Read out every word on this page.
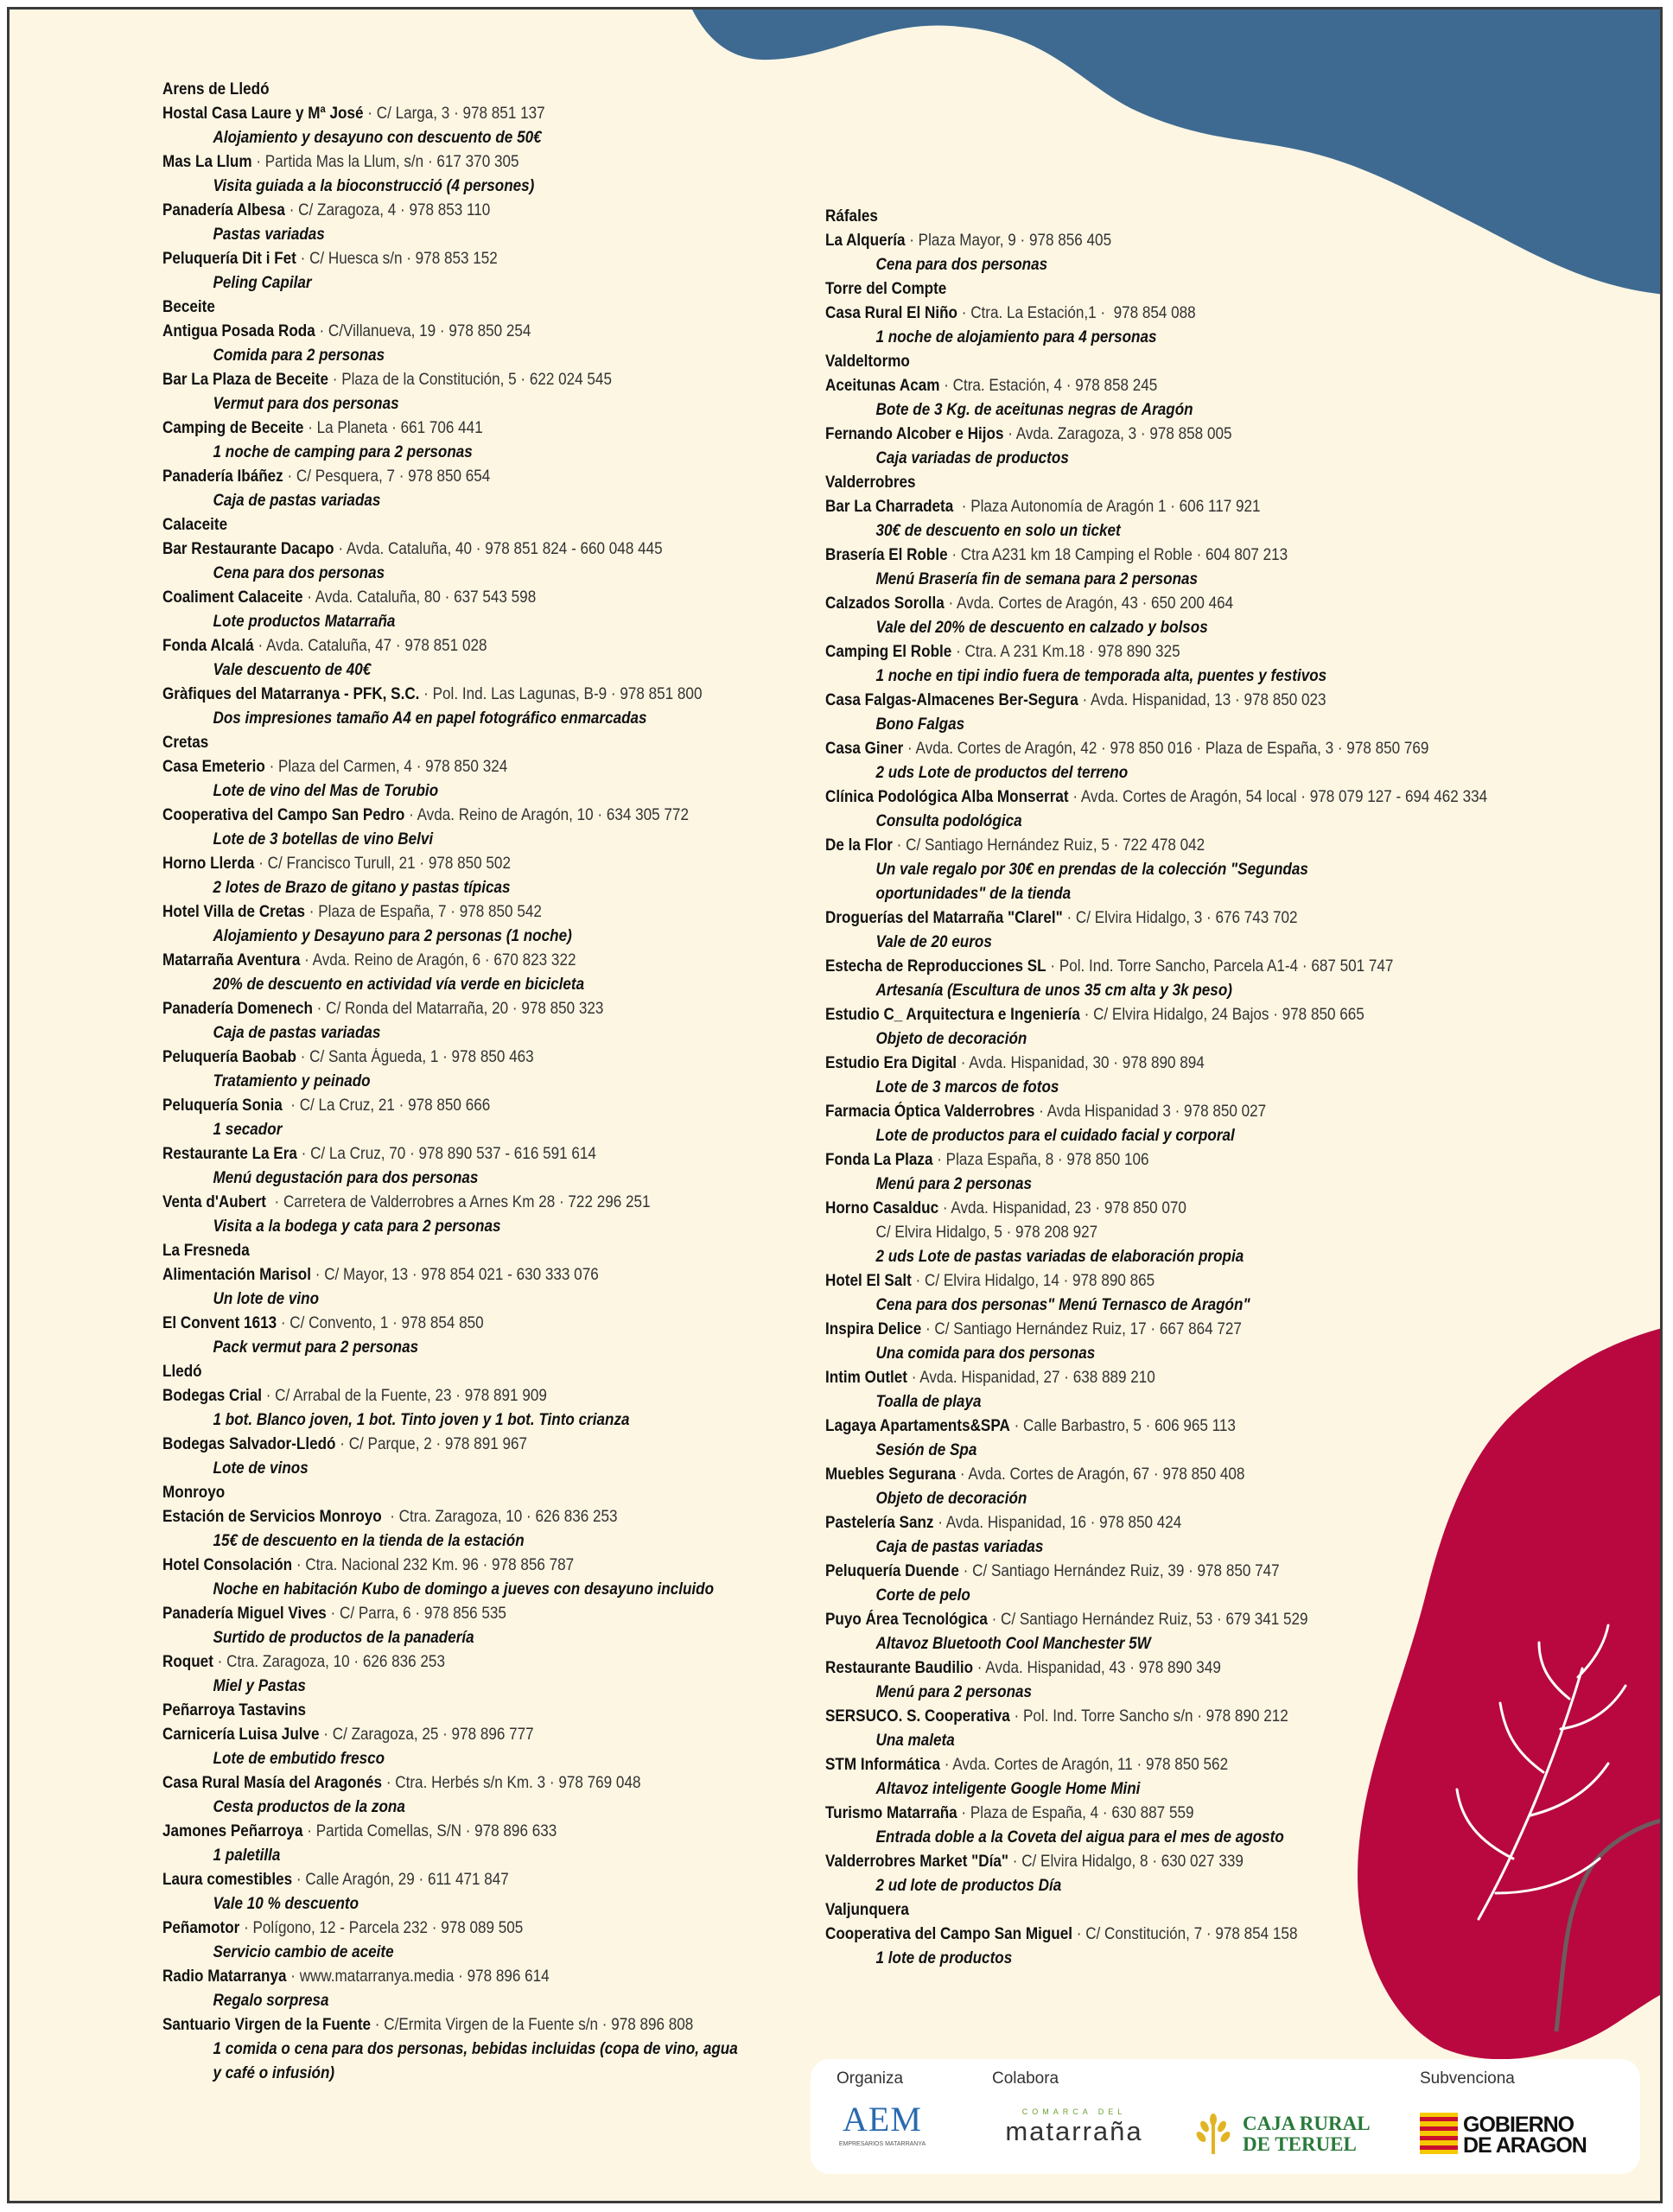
Arens de Lledó
Hostal Casa Laure y Mª José · C/ Larga, 3 · 978 851 137
Alojamiento y desayuno con descuento de 50€
Mas La Llum · Partida Mas la Llum, s/n · 617 370 305
Visita guiada a la bioconstrucció (4 persones)
Panadería Albesa · C/ Zaragoza, 4 · 978 853 110
Pastas variadas
Peluquería Dit i Fet · C/ Huesca s/n · 978 853 152
Peling Capilar
Beceite
Antigua Posada Roda · C/Villanueva, 19 · 978 850 254
Comida para 2 personas
Bar La Plaza de Beceite · Plaza de la Constitución, 5 · 622 024 545
Vermut para dos personas
Camping de Beceite · La Planeta · 661 706 441
1 noche de camping para 2 personas
Panadería Ibáñez · C/ Pesquera, 7 · 978 850 654
Caja de pastas variadas
Calaceite
Bar Restaurante Dacapo · Avda. Cataluña, 40 · 978 851 824 - 660 048 445
Cena para dos personas
Coaliment Calaceite · Avda. Cataluña, 80 · 637 543 598
Lote productos Matarraña
Fonda Alcalá · Avda. Cataluña, 47 · 978 851 028
Vale descuento de 40€
Gràfiques del Matarranya - PFK, S.C. · Pol. Ind. Las Lagunas, B-9 · 978 851 800
Dos impresiones tamaño A4 en papel fotográfico enmarcadas
Cretas
Casa Emeterio · Plaza del Carmen, 4 · 978 850 324
Lote de vino del Mas de Torubio
Cooperativa del Campo San Pedro · Avda. Reino de Aragón, 10 · 634 305 772
Lote de 3 botellas de vino Belvi
Horno Llerda · C/ Francisco Turull, 21 · 978 850 502
2 lotes de Brazo de gitano y pastas típicas
Hotel Villa de Cretas · Plaza de España, 7 · 978 850 542
Alojamiento y Desayuno para 2 personas (1 noche)
Matarraña Aventura · Avda. Reino de Aragón, 6 · 670 823 322
20% de descuento en actividad vía verde en bicicleta
Panadería Domenech · C/ Ronda del Matarraña, 20 · 978 850 323
Caja de pastas variadas
Peluquería Baobab · C/ Santa Águeda, 1 · 978 850 463
Tratamiento y peinado
Peluquería Sonia  · C/ La Cruz, 21 · 978 850 666
1 secador
Restaurante La Era · C/ La Cruz, 70 · 978 890 537 - 616 591 614
Menú degustación para dos personas
Venta d'Aubert  · Carretera de Valderrobres a Arnes Km 28 · 722 296 251
Visita a la bodega y cata para 2 personas
La Fresneda
Alimentación Marisol · C/ Mayor, 13 · 978 854 021 - 630 333 076
Un lote de vino
El Convent 1613 · C/ Convento, 1 · 978 854 850
Pack vermut para 2 personas
Lledó
Bodegas Crial · C/ Arrabal de la Fuente, 23 · 978 891 909
1 bot. Blanco joven, 1 bot. Tinto joven y 1 bot. Tinto crianza
Bodegas Salvador-Lledó · C/ Parque, 2 · 978 891 967
Lote de vinos
Monroyo
Estación de Servicios Monroyo  · Ctra. Zaragoza, 10 · 626 836 253
15€ de descuento en la tienda de la estación
Hotel Consolación · Ctra. Nacional 232 Km. 96 · 978 856 787
Noche en habitación Kubo de domingo a jueves con desayuno incluido
Panadería Miguel Vives · C/ Parra, 6 · 978 856 535
Surtido de productos de la panadería
Roquet · Ctra. Zaragoza, 10 · 626 836 253
Miel y Pastas
Peñarroya Tastavins
Carnicería Luisa Julve · C/ Zaragoza, 25 · 978 896 777
Lote de embutido fresco
Casa Rural Masía del Aragonés · Ctra. Herbés s/n Km. 3 · 978 769 048
Cesta productos de la zona
Jamones Peñarroya · Partida Comellas, S/N · 978 896 633
1 paletilla
Laura comestibles · Calle Aragón, 29 · 611 471 847
Vale 10 % descuento
Peñamotor · Polígono, 12 - Parcela 232 · 978 089 505
Servicio cambio de aceite
Radio Matarranya · www.matarranya.media · 978 896 614
Regalo sorpresa
Santuario Virgen de la Fuente · C/Ermita Virgen de la Fuente s/n · 978 896 808
1 comida o cena para dos personas, bebidas incluidas (copa de vino, agua y café o infusión)
Ráfales
La Alquería · Plaza Mayor, 9 · 978 856 405
Cena para dos personas
Torre del Compte
Casa Rural El Niño · Ctra. La Estación,1 ·  978 854 088
1 noche de alojamiento para 4 personas
Valdeltormo
Aceitunas Acam · Ctra. Estación, 4 · 978 858 245
Bote de 3 Kg. de aceitunas negras de Aragón
Fernando Alcober e Hijos · Avda. Zaragoza, 3 · 978 858 005
Caja variadas de productos
Valderrobres
Bar La Charradeta  · Plaza Autonomía de Aragón 1 · 606 117 921
30€ de descuento en solo un ticket
Brasería El Roble · Ctra A231 km 18 Camping el Roble · 604 807 213
Menú Brasería fin de semana para 2 personas
Calzados Sorolla · Avda. Cortes de Aragón, 43 · 650 200 464
Vale del 20% de descuento en calzado y bolsos
Camping El Roble · Ctra. A 231 Km.18 · 978 890 325
1 noche en tipi indio fuera de temporada alta, puentes y festivos
Casa Falgas-Almacenes Ber-Segura · Avda. Hispanidad, 13 · 978 850 023
Bono Falgas
Casa Giner · Avda. Cortes de Aragón, 42 · 978 850 016 · Plaza de España, 3 · 978 850 769
2 uds Lote de productos del terreno
Clínica Podológica Alba Monserrat · Avda. Cortes de Aragón, 54 local · 978 079 127 - 694 462 334
Consulta podológica
De la Flor · C/ Santiago Hernández Ruiz, 5 · 722 478 042
Un vale regalo por 30€ en prendas de la colección "Segundas oportunidades" de la tienda
Droguerías del Matarraña "Clarel" · C/ Elvira Hidalgo, 3 · 676 743 702
Vale de 20 euros
Estecha de Reproducciones SL · Pol. Ind. Torre Sancho, Parcela A1-4 · 687 501 747
Artesanía (Escultura de unos 35 cm alta y 3k peso)
Estudio C_ Arquitectura e Ingeniería · C/ Elvira Hidalgo, 24 Bajos · 978 850 665
Objeto de decoración
Estudio Era Digital · Avda. Hispanidad, 30 · 978 890 894
Lote de 3 marcos de fotos
Farmacia Óptica Valderrobres · Avda Hispanidad 3 · 978 850 027
Lote de productos para el cuidado facial y corporal
Fonda La Plaza · Plaza España, 8 · 978 850 106
Menú para 2 personas
Horno Casalduc · Avda. Hispanidad, 23 · 978 850 070
C/ Elvira Hidalgo, 5 · 978 208 927
2 uds Lote de pastas variadas de elaboración propia
Hotel El Salt · C/ Elvira Hidalgo, 14 · 978 890 865
Cena para dos personas" Menú Ternasco de Aragón"
Inspira Delice · C/ Santiago Hernández Ruiz, 17 · 667 864 727
Una comida para dos personas
Intim Outlet · Avda. Hispanidad, 27 · 638 889 210
Toalla de playa
Lagaya Apartaments&SPA · Calle Barbastro, 5 · 606 965 113
Sesión de Spa
Muebles Segurana · Avda. Cortes de Aragón, 67 · 978 850 408
Objeto de decoración
Pastelería Sanz · Avda. Hispanidad, 16 · 978 850 424
Caja de pastas variadas
Peluquería Duende · C/ Santiago Hernández Ruiz, 39 · 978 850 747
Corte de pelo
Puyo Área Tecnológica · C/ Santiago Hernández Ruiz, 53 · 679 341 529
Altavoz Bluetooth Cool Manchester 5W
Restaurante Baudilio · Avda. Hispanidad, 43 · 978 890 349
Menú para 2 personas
SERSUCO. S. Cooperativa · Pol. Ind. Torre Sancho s/n · 978 890 212
Una maleta
STM Informática · Avda. Cortes de Aragón, 11 · 978 850 562
Altavoz inteligente Google Home Mini
Turismo Matarraña · Plaza de España, 4 · 630 887 559
Entrada doble a la Coveta del aigua para el mes de agosto
Valderrobres Market "Día" · C/ Elvira Hidalgo, 8 · 630 027 339
2 ud lote de productos Día
Valjunquera
Cooperativa del Campo San Miguel · C/ Constitución, 7 · 978 854 158
1 lote de productos
Organiza	Colabora	Subvenciona
AEM
EMPRESARIOS MATARRANYA
COMARCA DEL
matarraña	CAJA RURAL
DE TERUEL
GOBIERNO
DE ARAGON
